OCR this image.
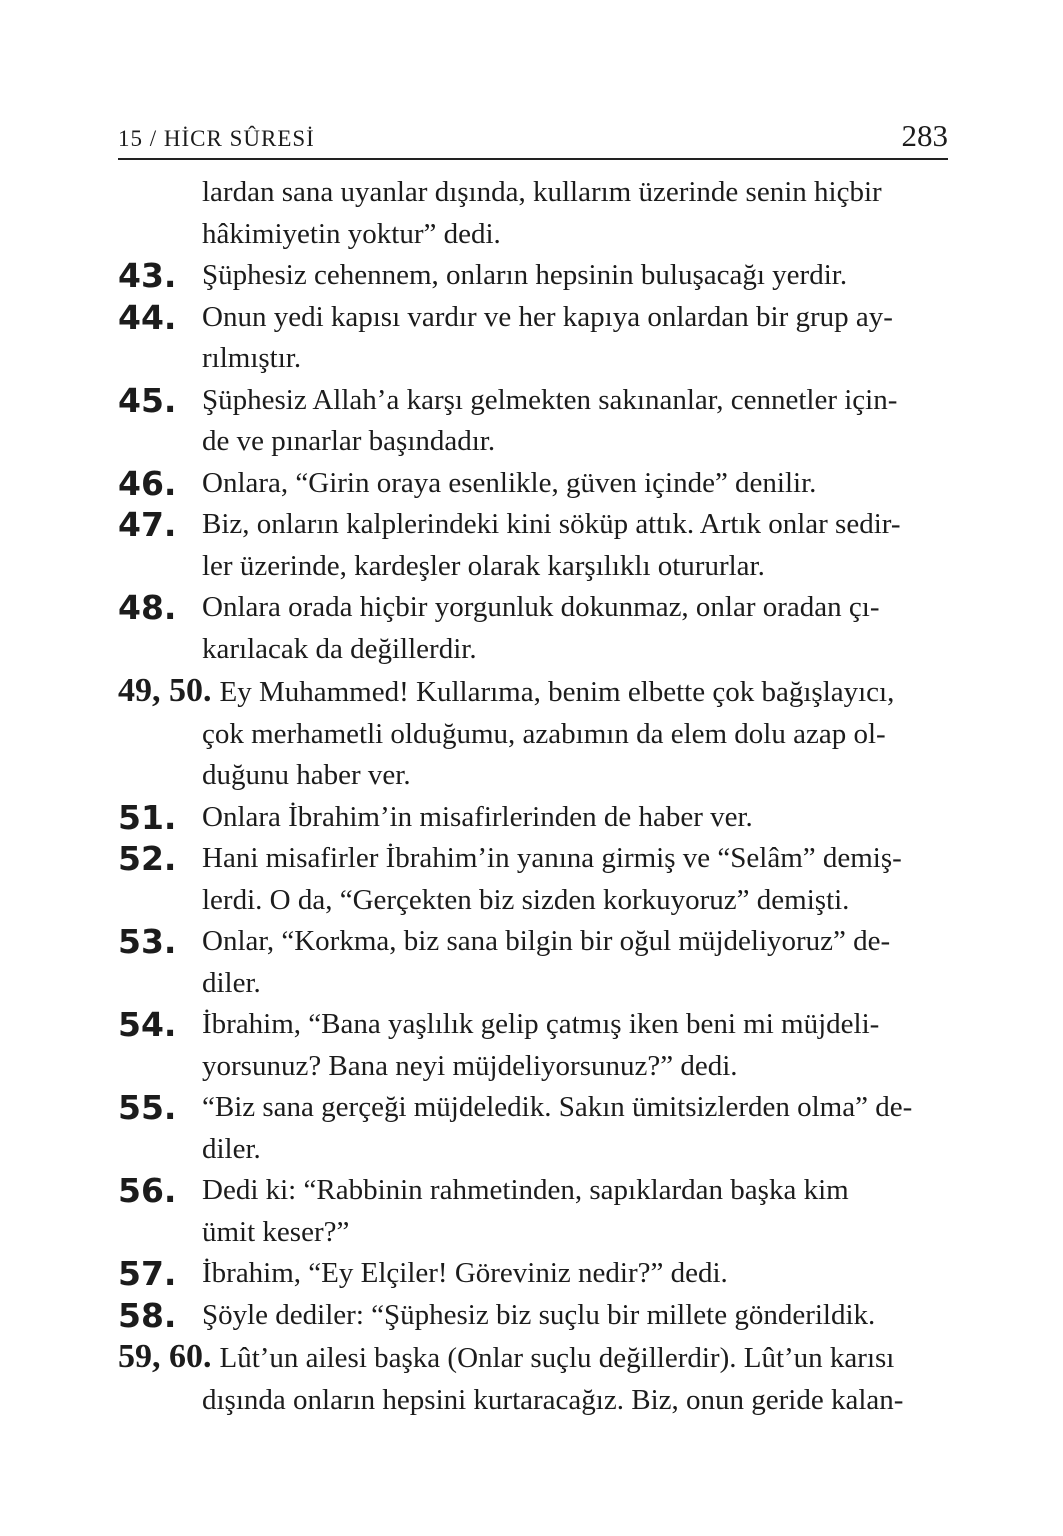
15 / HİCR SÛRESİ	283
lardan sana uyanlar dışında, kullarım üzerinde senin hiçbir
hâkimiyetin yoktur” dedi.
43. Şüphesiz cehennem, onların hepsinin buluşacağı yerdir.
44. Onun yedi kapısı vardır ve her kapıya onlardan bir grup ay-
rılmıştır.
45. Şüphesiz Allah’a karşı gelmekten sakınanlar, cennetler için-
de ve pınarlar başındadır.
46. Onlara, “Girin oraya esenlikle, güven içinde” denilir.
47. Biz, onların kalplerindeki kini söküp attık. Artık onlar sedir-
ler üzerinde, kardeşler olarak karşılıklı otururlar.
48. Onlara orada hiçbir yorgunluk dokunmaz, onlar oradan çı-
karılacak da değillerdir.
49, 50. Ey Muhammed! Kullarıma, benim elbette çok bağışlayıcı,
çok merhametli olduğumu, azabımın da elem dolu azap ol-
duğunu haber ver.
51. Onlara İbrahim’in misafirlerinden de haber ver.
52. Hani misafirler İbrahim’in yanına girmiş ve “Selâm” demiş-
lerdi. O da, “Gerçekten biz sizden korkuyoruz” demişti.
53. Onlar, “Korkma, biz sana bilgin bir oğul müjdeliyoruz” de-
diler.
54. İbrahim, “Bana yaşlılık gelip çatmış iken beni mi müjdeli-
yorsunuz? Bana neyi müjdeliyorsunuz?” dedi.
55. “Biz sana gerçeği müjdeledik. Sakın ümitsizlerden olma” de-
diler.
56. Dedi ki: “Rabbinin rahmetinden, sapıklardan başka kim
ümit keser?”
57. İbrahim, “Ey Elçiler! Göreviniz nedir?” dedi.
58. Şöyle dediler: “Şüphesiz biz suçlu bir millete gönderildik.
59, 60. Lût’un ailesi başka (Onlar suçlu değillerdir). Lût’un karısı
dışında onların hepsini kurtaracağız. Biz, onun geride kalan-
